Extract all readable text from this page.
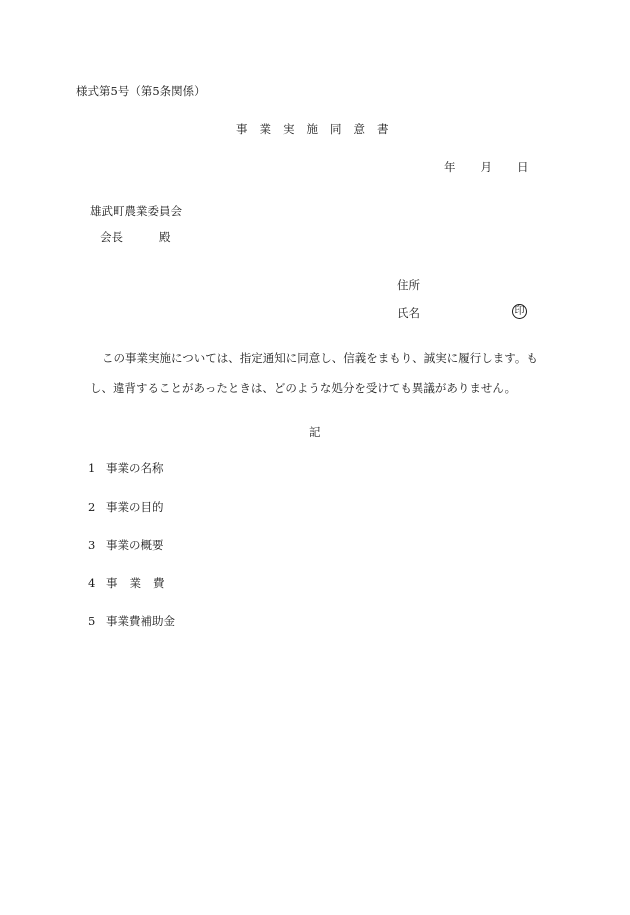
様式第5号（第5条関係）
事業実施同意書
年 月 日
雄武町農業委員会
会長	殿
住所
氏名	印
この事業実施については、指定通知に同意し、信義をまもり、誠実に履行します。も
し、違背することがあったときは、どのような処分を受けても異議がありません。
記
1 事業の名称
2 事業の目的
3 事業の概要
4 事業費
5 事業費補助金
